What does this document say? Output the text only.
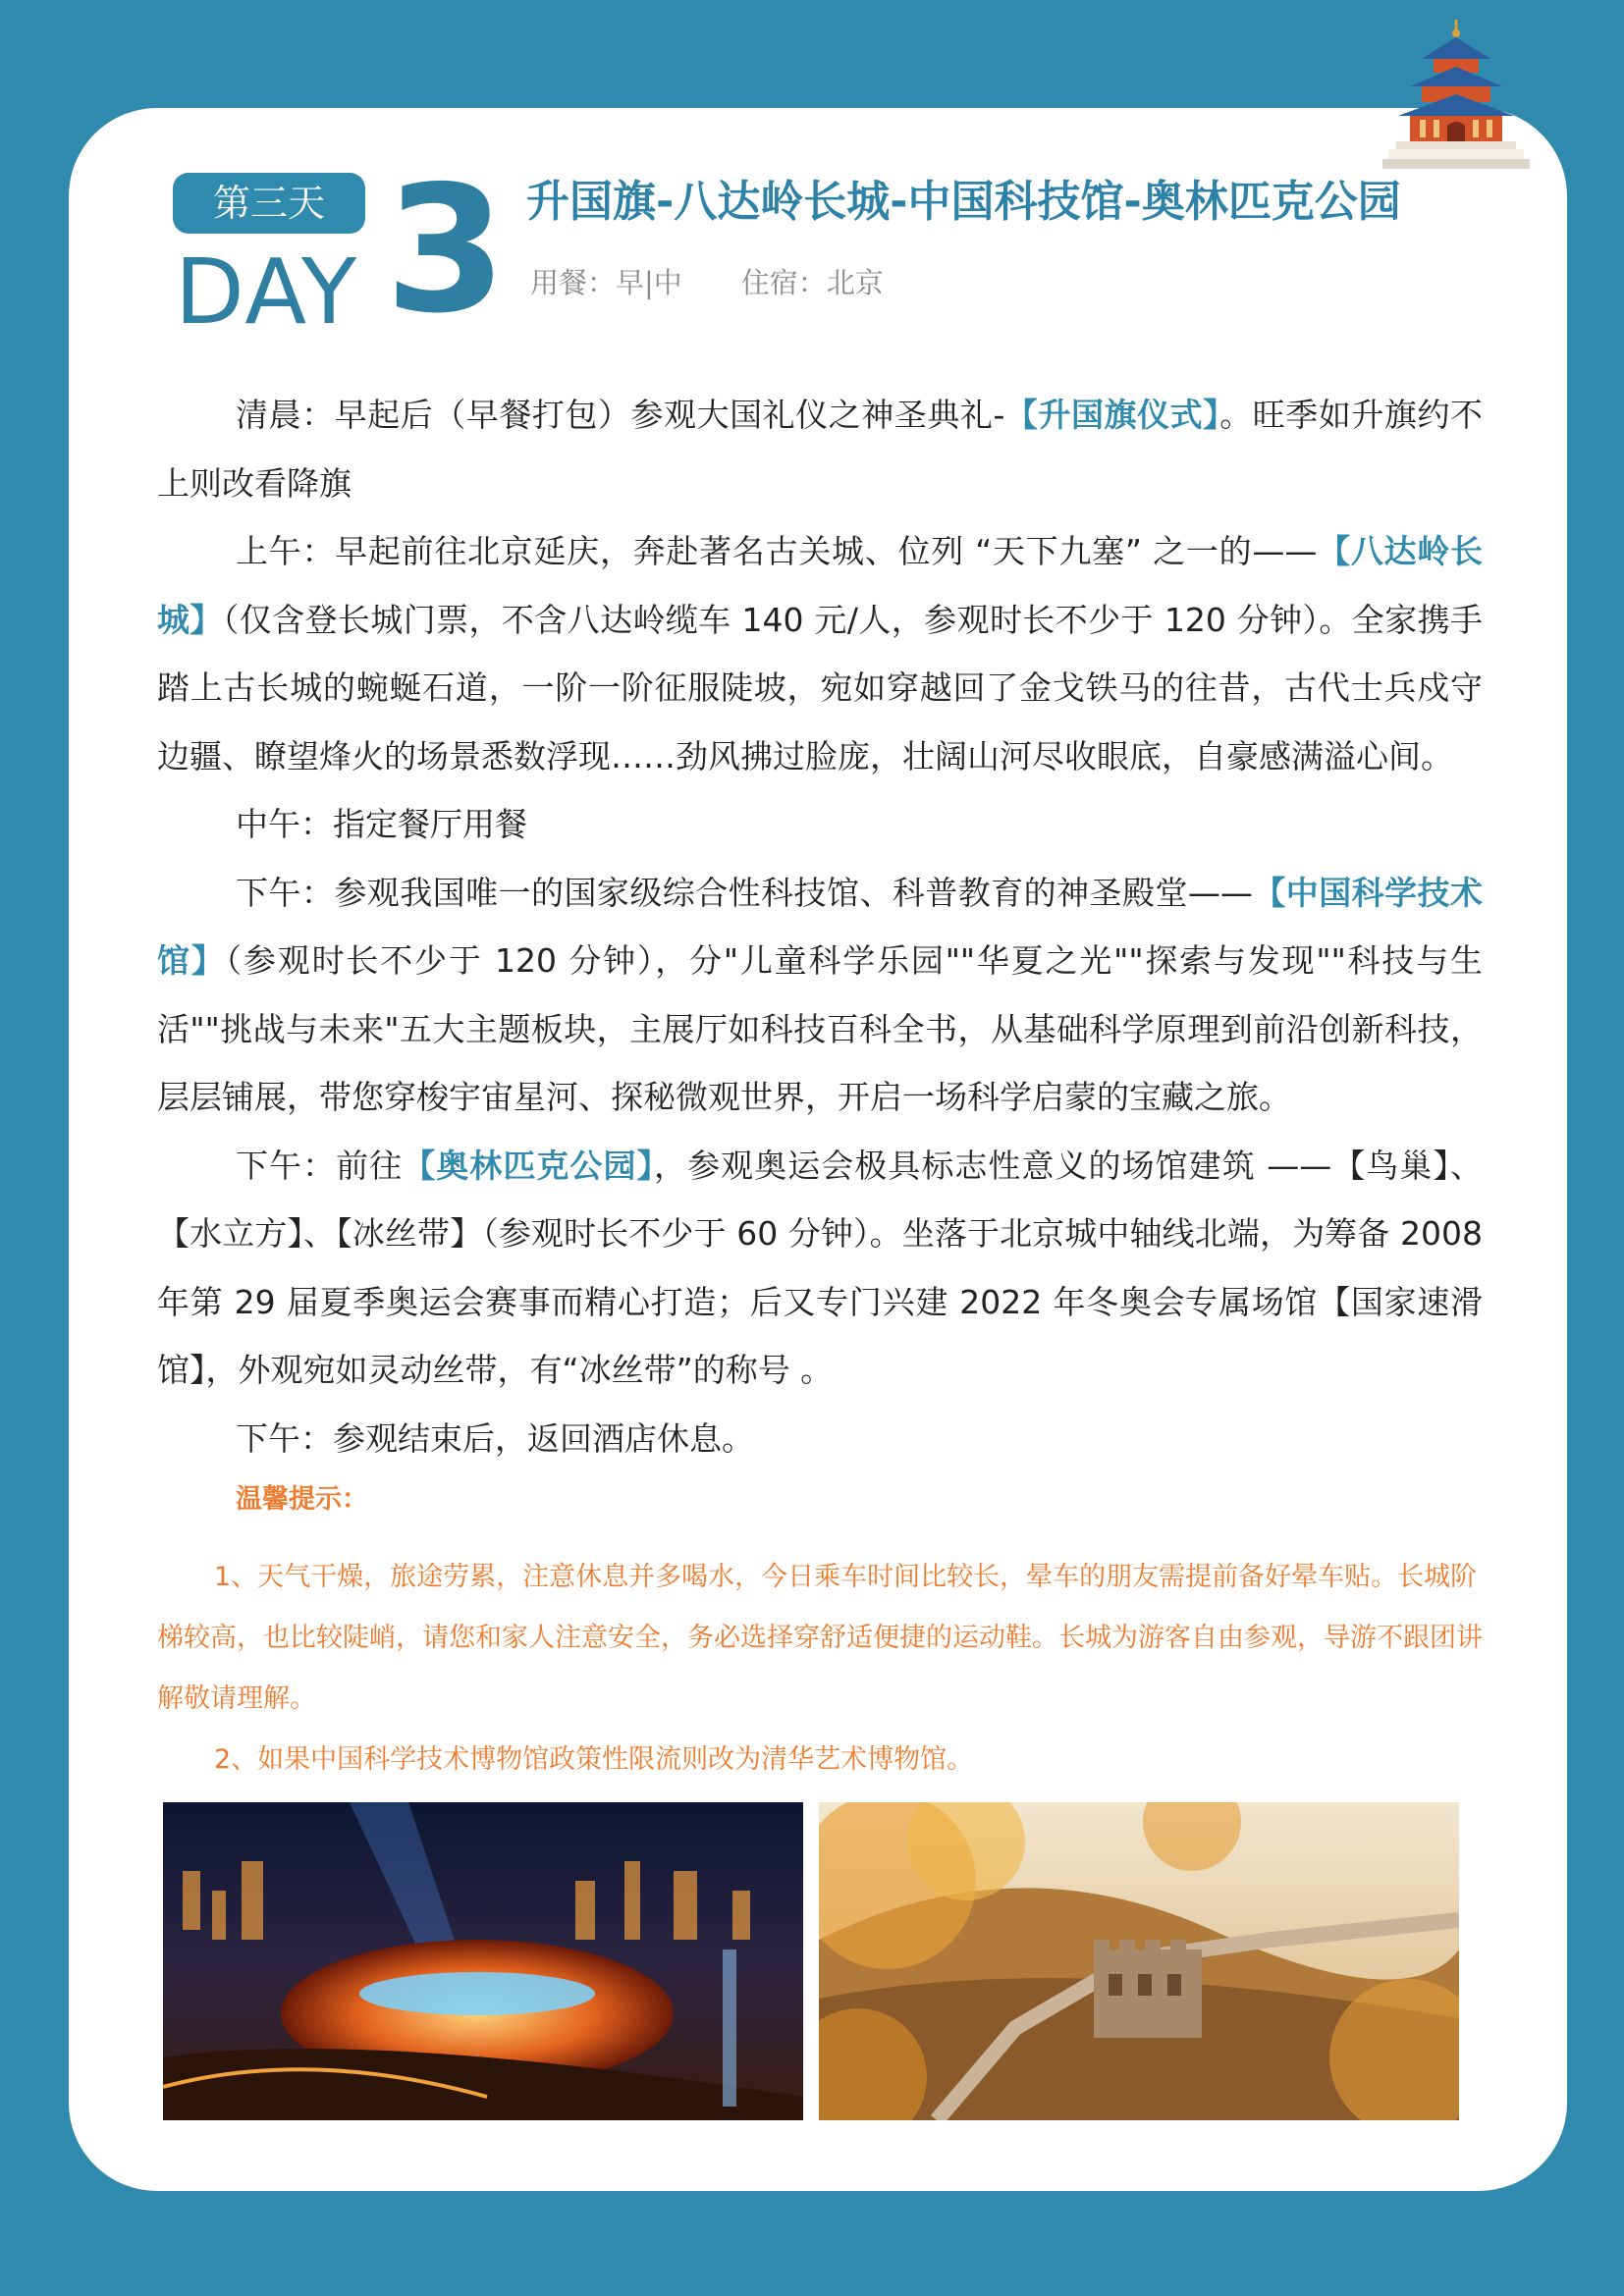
第三天
DAY 3 升国旗-八达岭长城-中国科技馆-奥林匹克公园
用餐：早|中 住宿：北京

清晨：早起后（早餐打包）参观大国礼仪之神圣典礼-【升国旗仪式】。旺季如升旗约不上则改看降旗

上午：早起前往北京延庆，奔赴著名古关城、位列 “天下九塞” 之一的——【八达岭长城】（仅含登长城门票，不含八达岭缆车 140 元/人，参观时长不少于 120 分钟）。全家携手踏上古长城的蜿蜒石道，一阶一阶征服陡坡，宛如穿越回了金戈铁马的往昔，古代士兵戍守边疆、瞭望烽火的场景悉数浮现……劲风拂过脸庞，壮阔山河尽收眼底，自豪感满溢心间。

中午：指定餐厅用餐

下午：参观我国唯一的国家级综合性科技馆、科普教育的神圣殿堂——【中国科学技术馆】（参观时长不少于 120 分钟），分"儿童科学乐园""华夏之光""探索与发现""科技与生活""挑战与未来"五大主题板块，主展厅如科技百科全书，从基础科学原理到前沿创新科技，层层铺展，带您穿梭宇宙星河、探秘微观世界，开启一场科学启蒙的宝藏之旅。

下午：前往【奥林匹克公园】，参观奥运会极具标志性意义的场馆建筑 ——【鸟巢】、【水立方】、【冰丝带】（参观时长不少于 60 分钟）。坐落于北京城中轴线北端，为筹备 2008 年第 29 届夏季奥运会赛事而精心打造；后又专门兴建 2022 年冬奥会专属场馆【国家速滑馆】，外观宛如灵动丝带，有“冰丝带”的称号 。

下午：参观结束后，返回酒店休息。

温馨提示：

1、天气干燥，旅途劳累，注意休息并多喝水，今日乘车时间比较长，晕车的朋友需提前备好晕车贴。长城阶梯较高，也比较陡峭，请您和家人注意安全，务必选择穿舒适便捷的运动鞋。长城为游客自由参观，导游不跟团讲解敬请理解。

2、如果中国科学技术博物馆政策性限流则改为清华艺术博物馆。
